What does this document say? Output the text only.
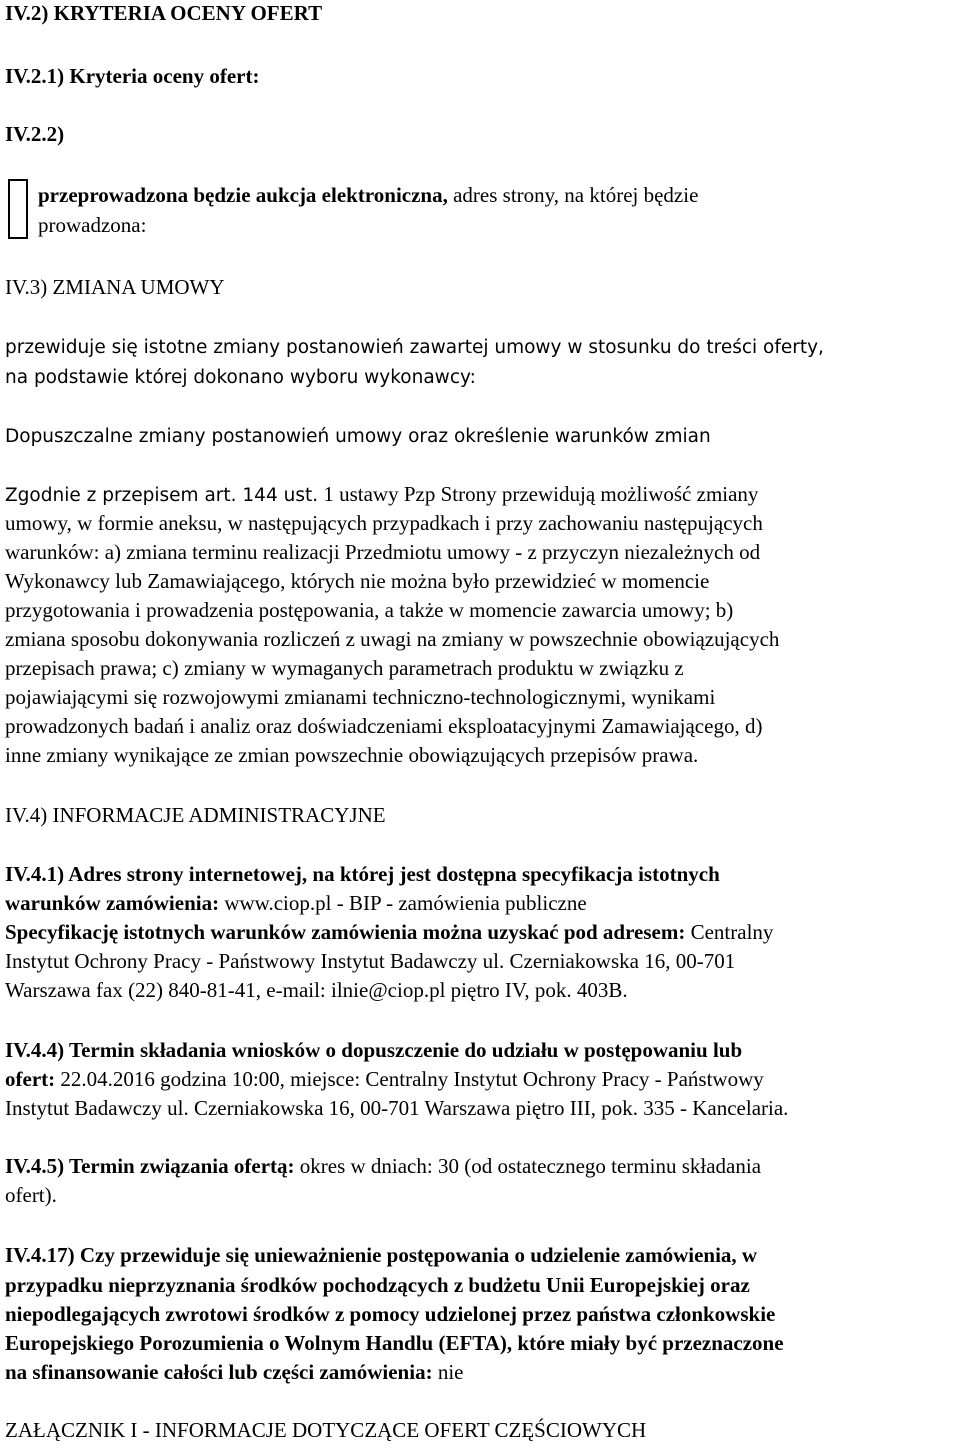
IV.2) KRYTERIA OCENY OFERT
IV.2.1) Kryteria oceny ofert:
IV.2.2)
przeprowadzona będzie aukcja elektroniczna, adres strony, na której będzie
prowadzona:
IV.3) ZMIANA UMOWY
przewiduje się istotne zmiany postanowień zawartej umowy w stosunku do treści oferty,
na podstawie której dokonano wyboru wykonawcy:
Dopuszczalne zmiany postanowień umowy oraz określenie warunków zmian
Zgodnie z przepisem art. 144 ust. 1 ustawy Pzp Strony przewidują możliwość zmiany
umowy, w formie aneksu, w następujących przypadkach i przy zachowaniu następujących
warunków: a) zmiana terminu realizacji Przedmiotu umowy - z przyczyn niezależnych od
Wykonawcy lub Zamawiającego, których nie można było przewidzieć w momencie
przygotowania i prowadzenia postępowania, a także w momencie zawarcia umowy; b)
zmiana sposobu dokonywania rozliczeń z uwagi na zmiany w powszechnie obowiązujących
przepisach prawa; c) zmiany w wymaganych parametrach produktu w związku z
pojawiającymi się rozwojowymi zmianami techniczno-technologicznymi, wynikami
prowadzonych badań i analiz oraz doświadczeniami eksploatacyjnymi Zamawiającego, d)
inne zmiany wynikające ze zmian powszechnie obowiązujących przepisów prawa.
IV.4) INFORMACJE ADMINISTRACYJNE
IV.4.1) Adres strony internetowej, na której jest dostępna specyfikacja istotnych
warunków zamówienia: www.ciop.pl - BIP - zamówienia publiczne
Specyfikację istotnych warunków zamówienia można uzyskać pod adresem: Centralny
Instytut Ochrony Pracy - Państwowy Instytut Badawczy ul. Czerniakowska 16, 00-701
Warszawa fax (22) 840-81-41, e-mail: ilnie@ciop.pl piętro IV, pok. 403B.
IV.4.4) Termin składania wniosków o dopuszczenie do udziału w postępowaniu lub
ofert: 22.04.2016 godzina 10:00, miejsce: Centralny Instytut Ochrony Pracy - Państwowy
Instytut Badawczy ul. Czerniakowska 16, 00-701 Warszawa piętro III, pok. 335 - Kancelaria.
IV.4.5) Termin związania ofertą: okres w dniach: 30 (od ostatecznego terminu składania
ofert).
IV.4.17) Czy przewiduje się unieważnienie postępowania o udzielenie zamówienia, w
przypadku nieprzyznania środków pochodzących z budżetu Unii Europejskiej oraz
niepodlegających zwrotowi środków z pomocy udzielonej przez państwa członkowskie
Europejskiego Porozumienia o Wolnym Handlu (EFTA), które miały być przeznaczone
na sfinansowanie całości lub części zamówienia: nie
ZAŁĄCZNIK I - INFORMACJE DOTYCZĄCE OFERT CZĘŚCIOWYCH
